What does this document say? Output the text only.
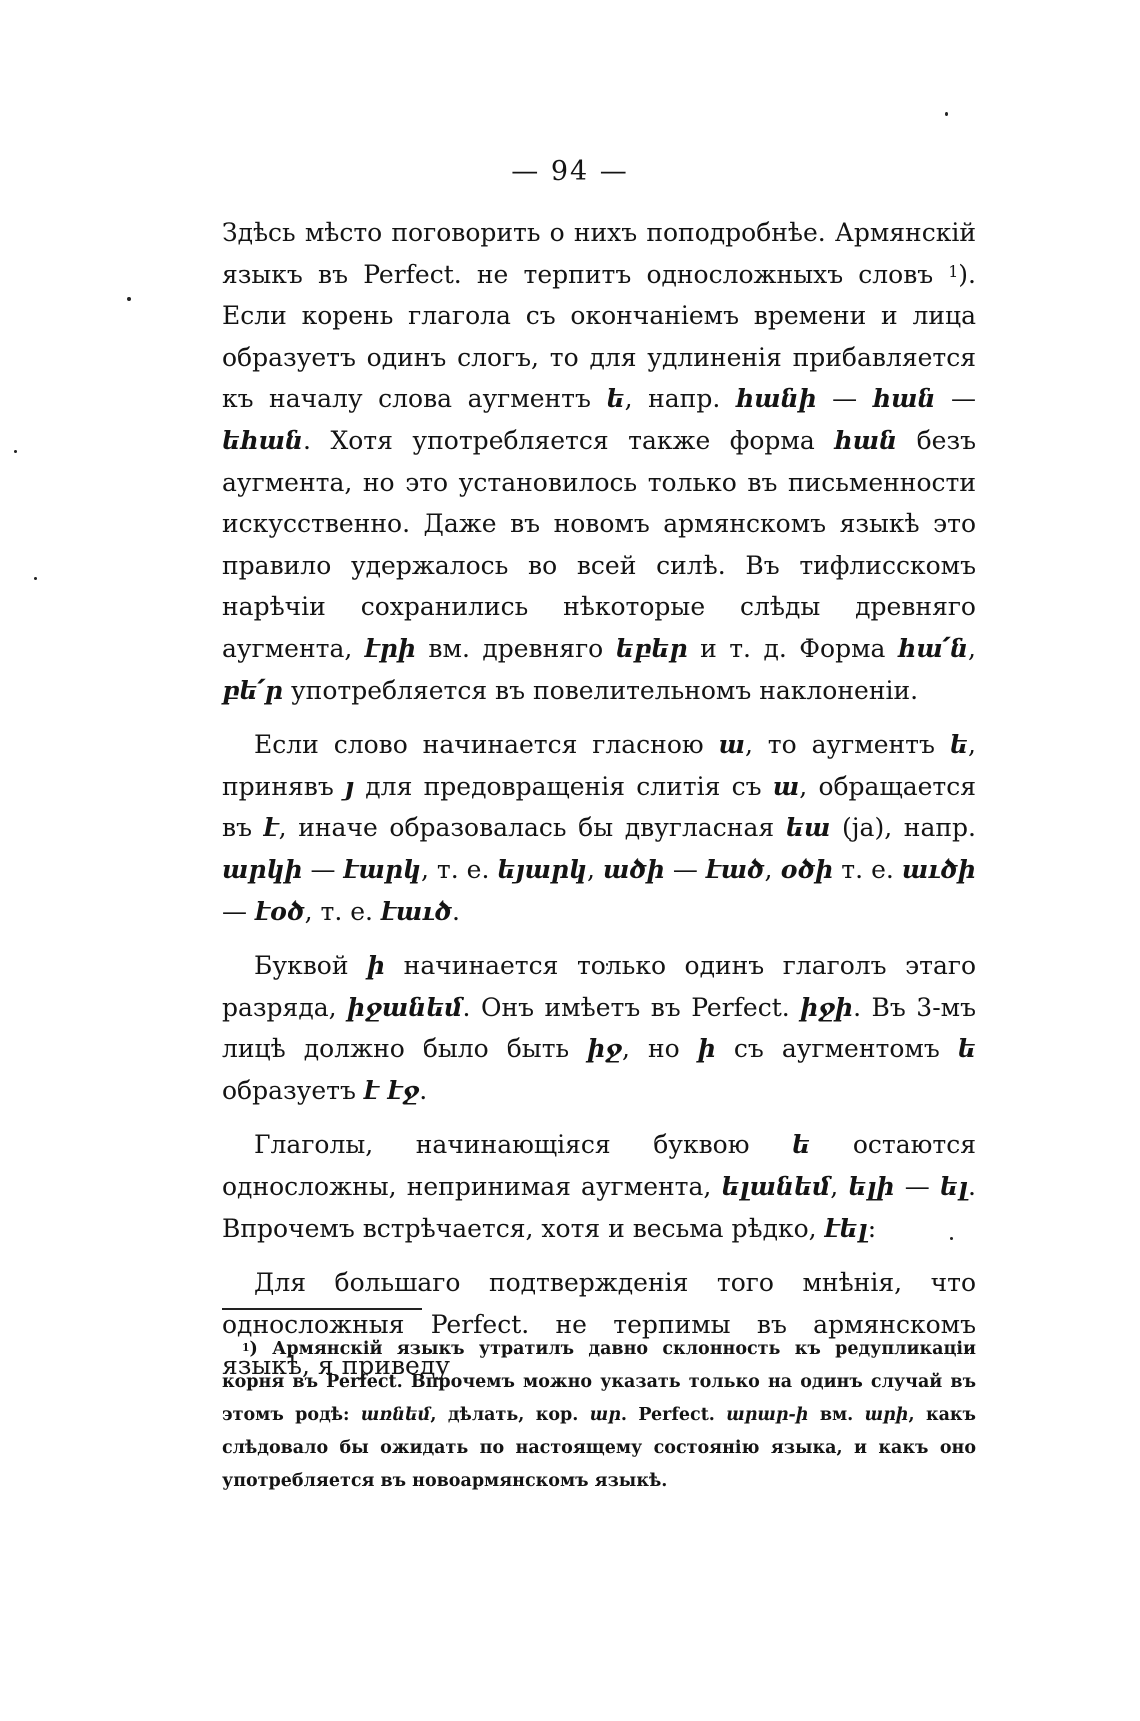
— 94 —

Здѣсь мѣсто поговорить о нихъ поподробнѣе. Армянскій языкъ въ Perfect. не терпитъ односложныхъ словъ $^1$). Если корень глагола съ окончаніемъ времени и лица образуетъ одинъ слогъ, то для удлиненія прибавляется къ началу слова аугментъ ե, напр. հանի — հան — եհան. Хотя употребляется также форма հան безъ аугмента, но это установилось только въ письменности искусственно. Даже въ новомъ армянскомъ языкѣ это правило удержалось во всей силѣ. Въ тифлисскомъ нарѣчіи сохранились нѣкоторые слѣды древняго аугмента, էրի вм. древняго եբեր и т. д. Форма հա՛ն, բե՛ր употребляется въ повелительномъ наклоненіи.

Если слово начинается гласною ա, то аугментъ ե, принявъ յ для предовращенія слитія съ ա, обращается въ է, иначе образовалась бы двугласная եա (ja), напр. արկի — էարկ, т. е. եյարկ, ածի — էած, օծի т. е. աւծի — էօծ, т. е. էաւծ.

Буквой ի начинается только одинъ глаголъ этаго разряда, իջանեմ. Онъ имѣетъ въ Perfect. իջի. Въ 3-мъ лицѣ должно было быть իջ, но ի съ аугментомъ ե образуетъ է էջ.

Глаголы, начинающіяся буквою ե остаются односложны, непринимая аугмента, ելանեմ, ելի — ել. Впрочемъ встрѣчается, хотя и весьма рѣдко, էել։

Для большаго подтвержденія того мнѣнія, что односложныя Perfect. не терпимы въ армянскомъ языкѣ, я приведу

$^1$) Армянскій языкъ утратилъ давно склонность къ редупликаціи корня въ Perfect. Впрочемъ можно указать только на одинъ случай въ этомъ родѣ: առնեմ, дѣлать, кор. ար. Perfect. արար-ի вм. արի, какъ слѣдовало бы ожидать по настоящему состоянію языка, и какъ оно употребляется въ новоармянскомъ языкѣ.
